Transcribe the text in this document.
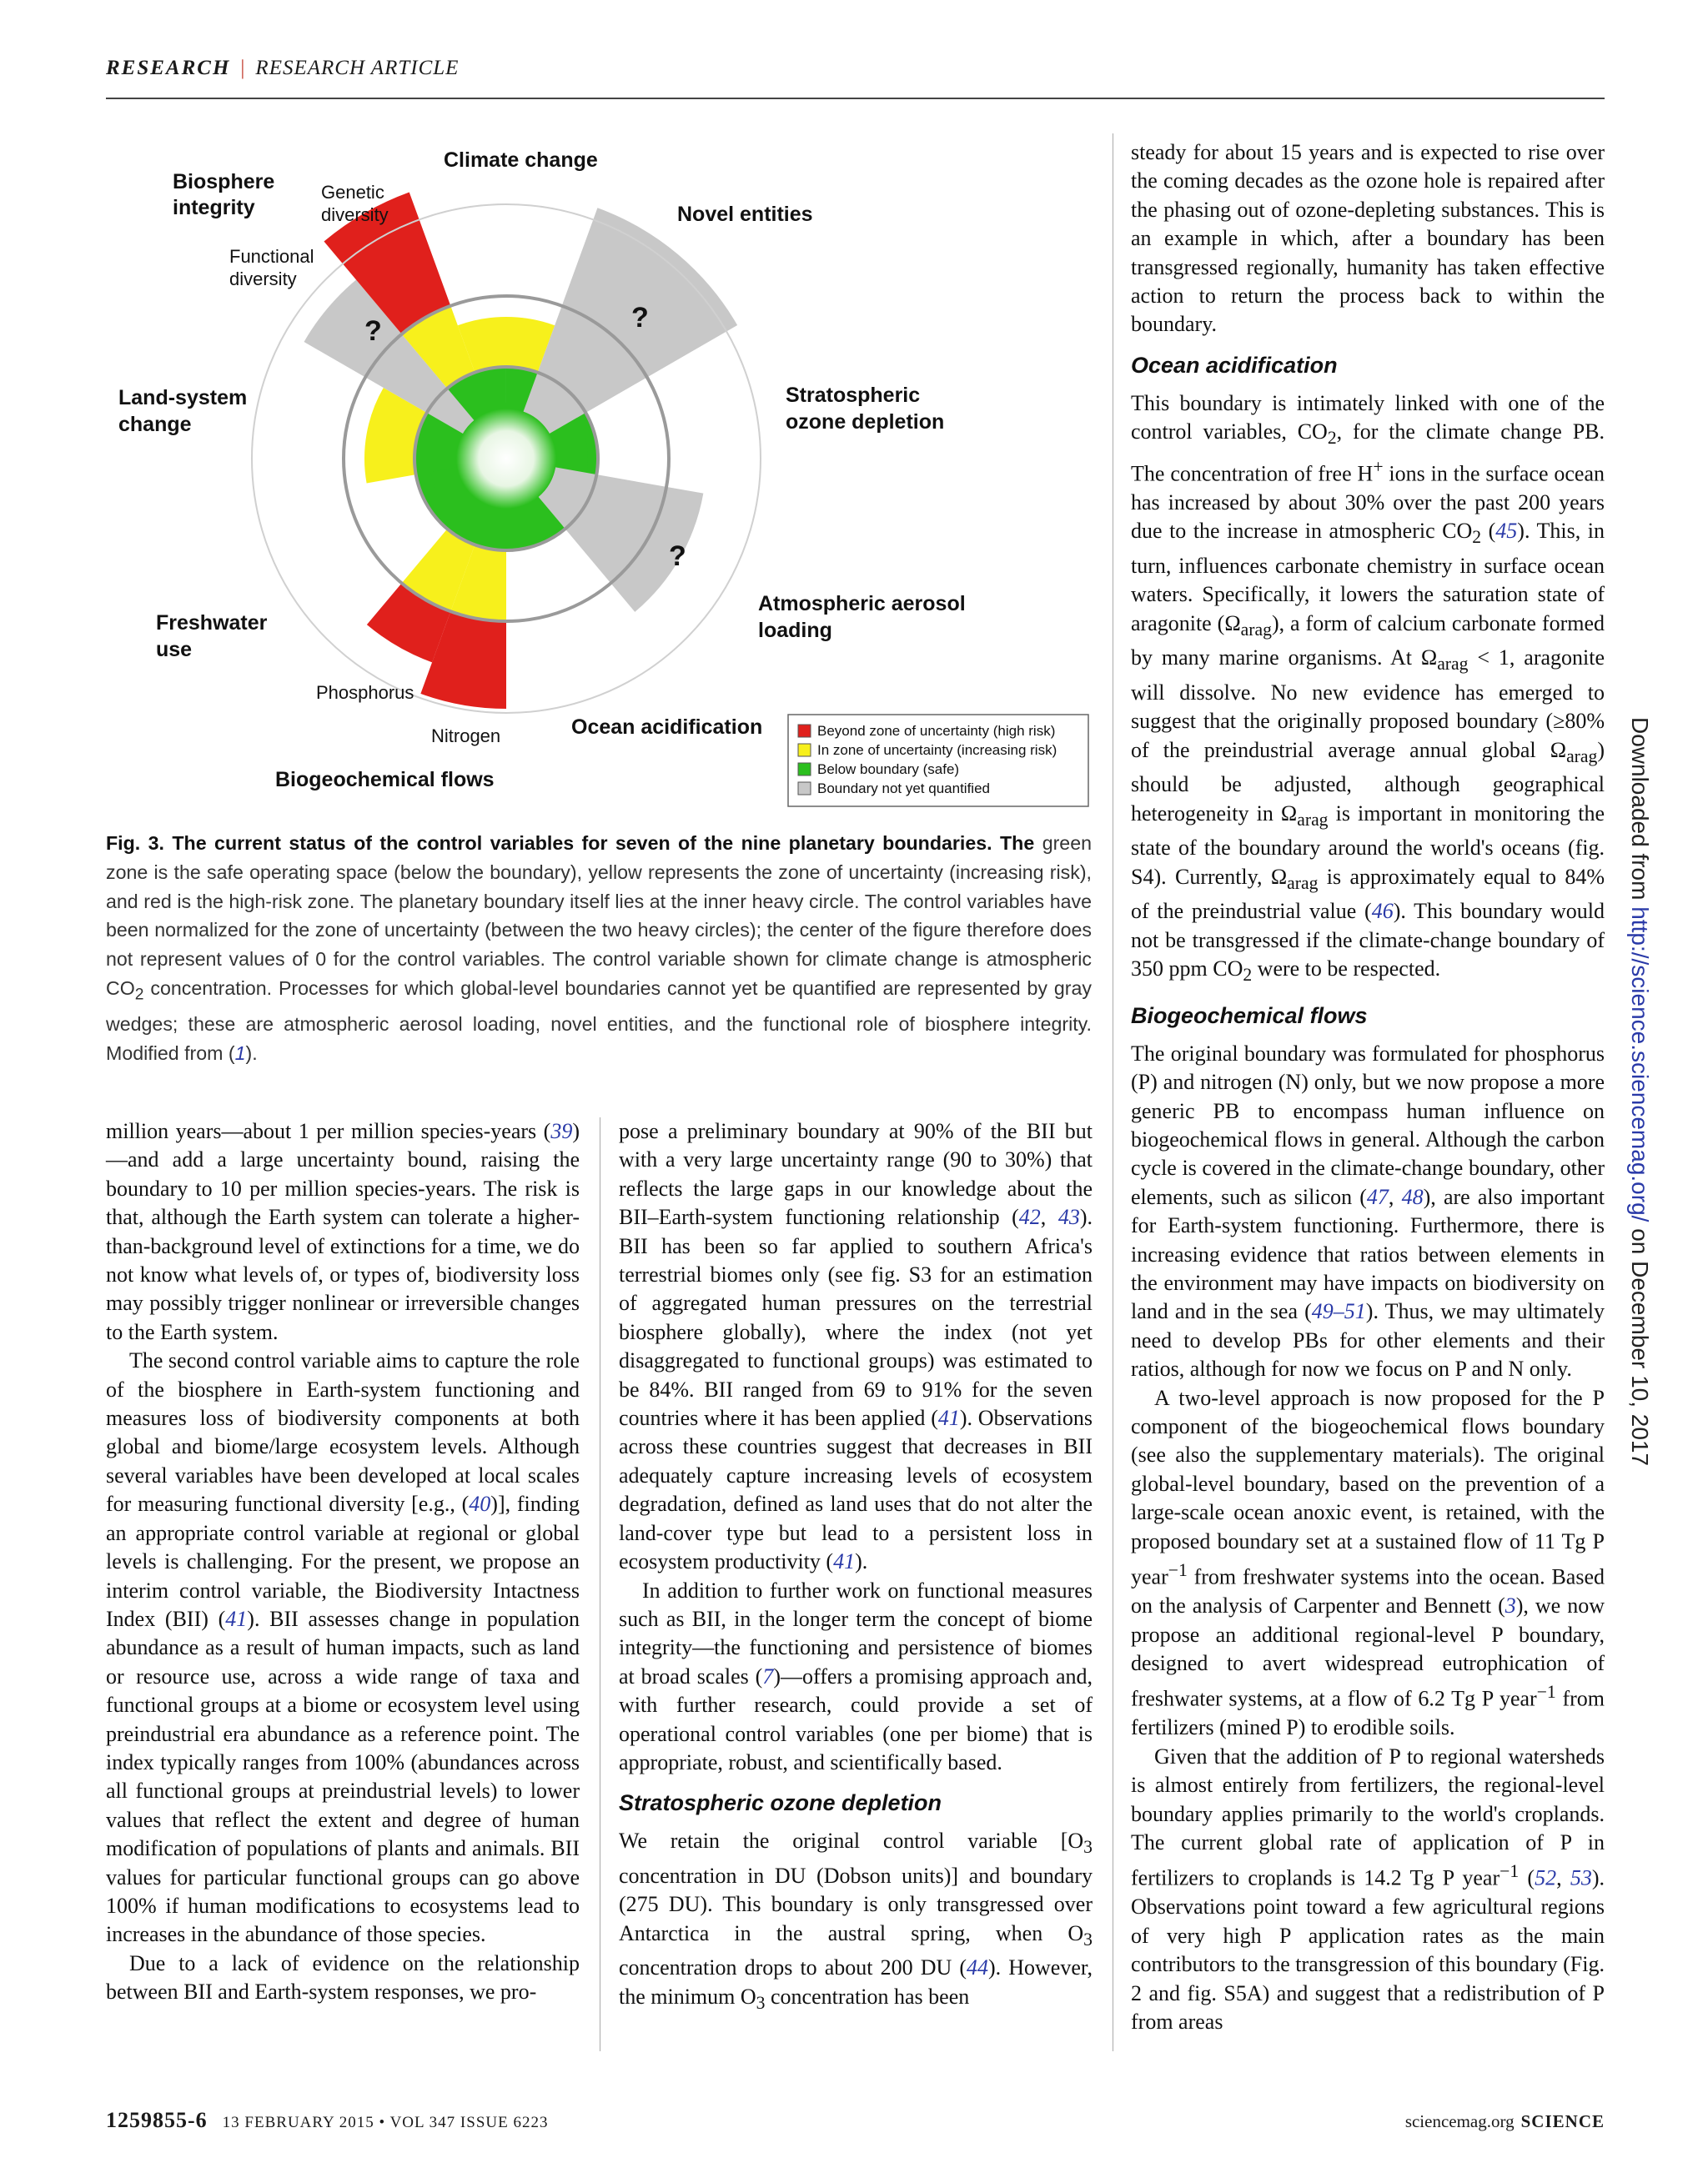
RESEARCH | RESEARCH ARTICLE
Climate change
Novel entities
Biosphere
integrity
Genetic
diversity
Functional
diversity
Land-system
change
Stratospheric
ozone depletion
Atmospheric aerosol
loading
Freshwater
use
Phosphorus
Nitrogen
Biogeochemical flows
Ocean acidification
?	?
?
Beyond zone of uncertainty (high risk)
In zone of uncertainty (increasing risk)
Below boundary (safe)
Boundary not yet quantified
Fig. 3. The current status of the control variables for seven of the nine planetary boundaries. The green zone is the safe operating space (below the boundary), yellow represents the zone of uncertainty (increasing risk), and red is the high-risk zone. The planetary boundary itself lies at the inner heavy circle. The control variables have been normalized for the zone of uncertainty (between the two heavy circles); the center of the figure therefore does not represent values of 0 for the control variables. The control variable shown for climate change is atmospheric $CO_2$ concentration. Processes for which global-level boundaries cannot yet be quantified are represented by gray wedges; these are atmospheric aerosol loading, novel entities, and the functional role of biosphere integrity. Modified from (1).

million years—about 1 per million species-years (39)—and add a large uncertainty bound, raising the boundary to 10 per million species-years. The risk is that, although the Earth system can tolerate a higher-than-background level of extinctions for a time, we do not know what levels of, or types of, biodiversity loss may possibly trigger nonlinear or irreversible changes to the Earth system.

The second control variable aims to capture the role of the biosphere in Earth-system functioning and measures loss of biodiversity components at both global and biome/large ecosystem levels. Although several variables have been developed at local scales for measuring functional diversity [e.g., (40)], finding an appropriate control variable at regional or global levels is challenging. For the present, we propose an interim control variable, the Biodiversity Intactness Index (BII) (41). BII assesses change in population abundance as a result of human impacts, such as land or resource use, across a wide range of taxa and functional groups at a biome or ecosystem level using preindustrial era abundance as a reference point. The index typically ranges from 100% (abundances across all functional groups at preindustrial levels) to lower values that reflect the extent and degree of human modification of populations of plants and animals. BII values for particular functional groups can go above 100% if human modifications to ecosystems lead to increases in the abundance of those species.

Due to a lack of evidence on the relationship between BII and Earth-system responses, we pro-

pose a preliminary boundary at 90% of the BII but with a very large uncertainty range (90 to 30%) that reflects the large gaps in our knowledge about the BII–Earth-system functioning relationship (42, 43). BII has been so far applied to southern Africa's terrestrial biomes only (see fig. S3 for an estimation of aggregated human pressures on the terrestrial biosphere globally), where the index (not yet disaggregated to functional groups) was estimated to be 84%. BII ranged from 69 to 91% for the seven countries where it has been applied (41). Observations across these countries suggest that decreases in BII adequately capture increasing levels of ecosystem degradation, defined as land uses that do not alter the land-cover type but lead to a persistent loss in ecosystem productivity (41).

In addition to further work on functional measures such as BII, in the longer term the concept of biome integrity—the functioning and persistence of biomes at broad scales (7)—offers a promising approach and, with further research, could provide a set of operational control variables (one per biome) that is appropriate, robust, and scientifically based.

Stratospheric ozone depletion

We retain the original control variable [$O_3$ concentration in DU (Dobson units)] and boundary (275 DU). This boundary is only transgressed over Antarctica in the austral spring, when $O_3$ concentration drops to about 200 DU (44). However, the minimum $O_3$ concentration has been

steady for about 15 years and is expected to rise over the coming decades as the ozone hole is repaired after the phasing out of ozone-depleting substances. This is an example in which, after a boundary has been transgressed regionally, humanity has taken effective action to return the process back to within the boundary.

Ocean acidification

This boundary is intimately linked with one of the control variables, $CO_2$, for the climate change PB. The concentration of free H+ ions in the surface ocean has increased by about 30% over the past 200 years due to the increase in atmospheric $CO_2$ (45). This, in turn, influences carbonate chemistry in surface ocean waters. Specifically, it lowers the saturation state of aragonite $(\Omega_{arag})$, a form of calcium carbonate formed by many marine organisms. At $\Omega_{arag} < 1$, aragonite will dissolve. No new evidence has emerged to suggest that the originally proposed boundary (≥80% of the preindustrial average annual global $\Omega_{arag}$) should be adjusted, although geographical heterogeneity in $\Omega_{arag}$ is important in monitoring the state of the boundary around the world's oceans (fig. S4). Currently, $\Omega_{arag}$ is approximately equal to 84% of the preindustrial value (46). This boundary would not be transgressed if the climate-change boundary of 350 ppm $CO_2$ were to be respected.

Biogeochemical flows

The original boundary was formulated for phosphorus (P) and nitrogen (N) only, but we now propose a more generic PB to encompass human influence on biogeochemical flows in general. Although the carbon cycle is covered in the climate-change boundary, other elements, such as silicon (47, 48), are also important for Earth-system functioning. Furthermore, there is increasing evidence that ratios between elements in the environment may have impacts on biodiversity on land and in the sea (49–51). Thus, we may ultimately need to develop PBs for other elements and their ratios, although for now we focus on P and N only.

A two-level approach is now proposed for the P component of the biogeochemical flows boundary (see also the supplementary materials). The original global-level boundary, based on the prevention of a large-scale ocean anoxic event, is retained, with the proposed boundary set at a sustained flow of 11 Tg P year$^{-1}$ from freshwater systems into the ocean. Based on the analysis of Carpenter and Bennett (3), we now propose an additional regional-level P boundary, designed to avert widespread eutrophication of freshwater systems, at a flow of 6.2 Tg P year$^{-1}$ from fertilizers (mined P) to erodible soils.

Given that the addition of P to regional watersheds is almost entirely from fertilizers, the regional-level boundary applies primarily to the world's croplands. The current global rate of application of P in fertilizers to croplands is 14.2 Tg P year$^{-1}$ (52, 53). Observations point toward a few agricultural regions of very high P application rates as the main contributors to the transgression of this boundary (Fig. 2 and fig. S5A) and suggest that a redistribution of P from areas

1259855-6 13 FEBRUARY 2015 • VOL 347 ISSUE 6223	sciencemag.org SCIENCE
Downloaded from http://science.sciencemag.org/ on December 10, 2017
